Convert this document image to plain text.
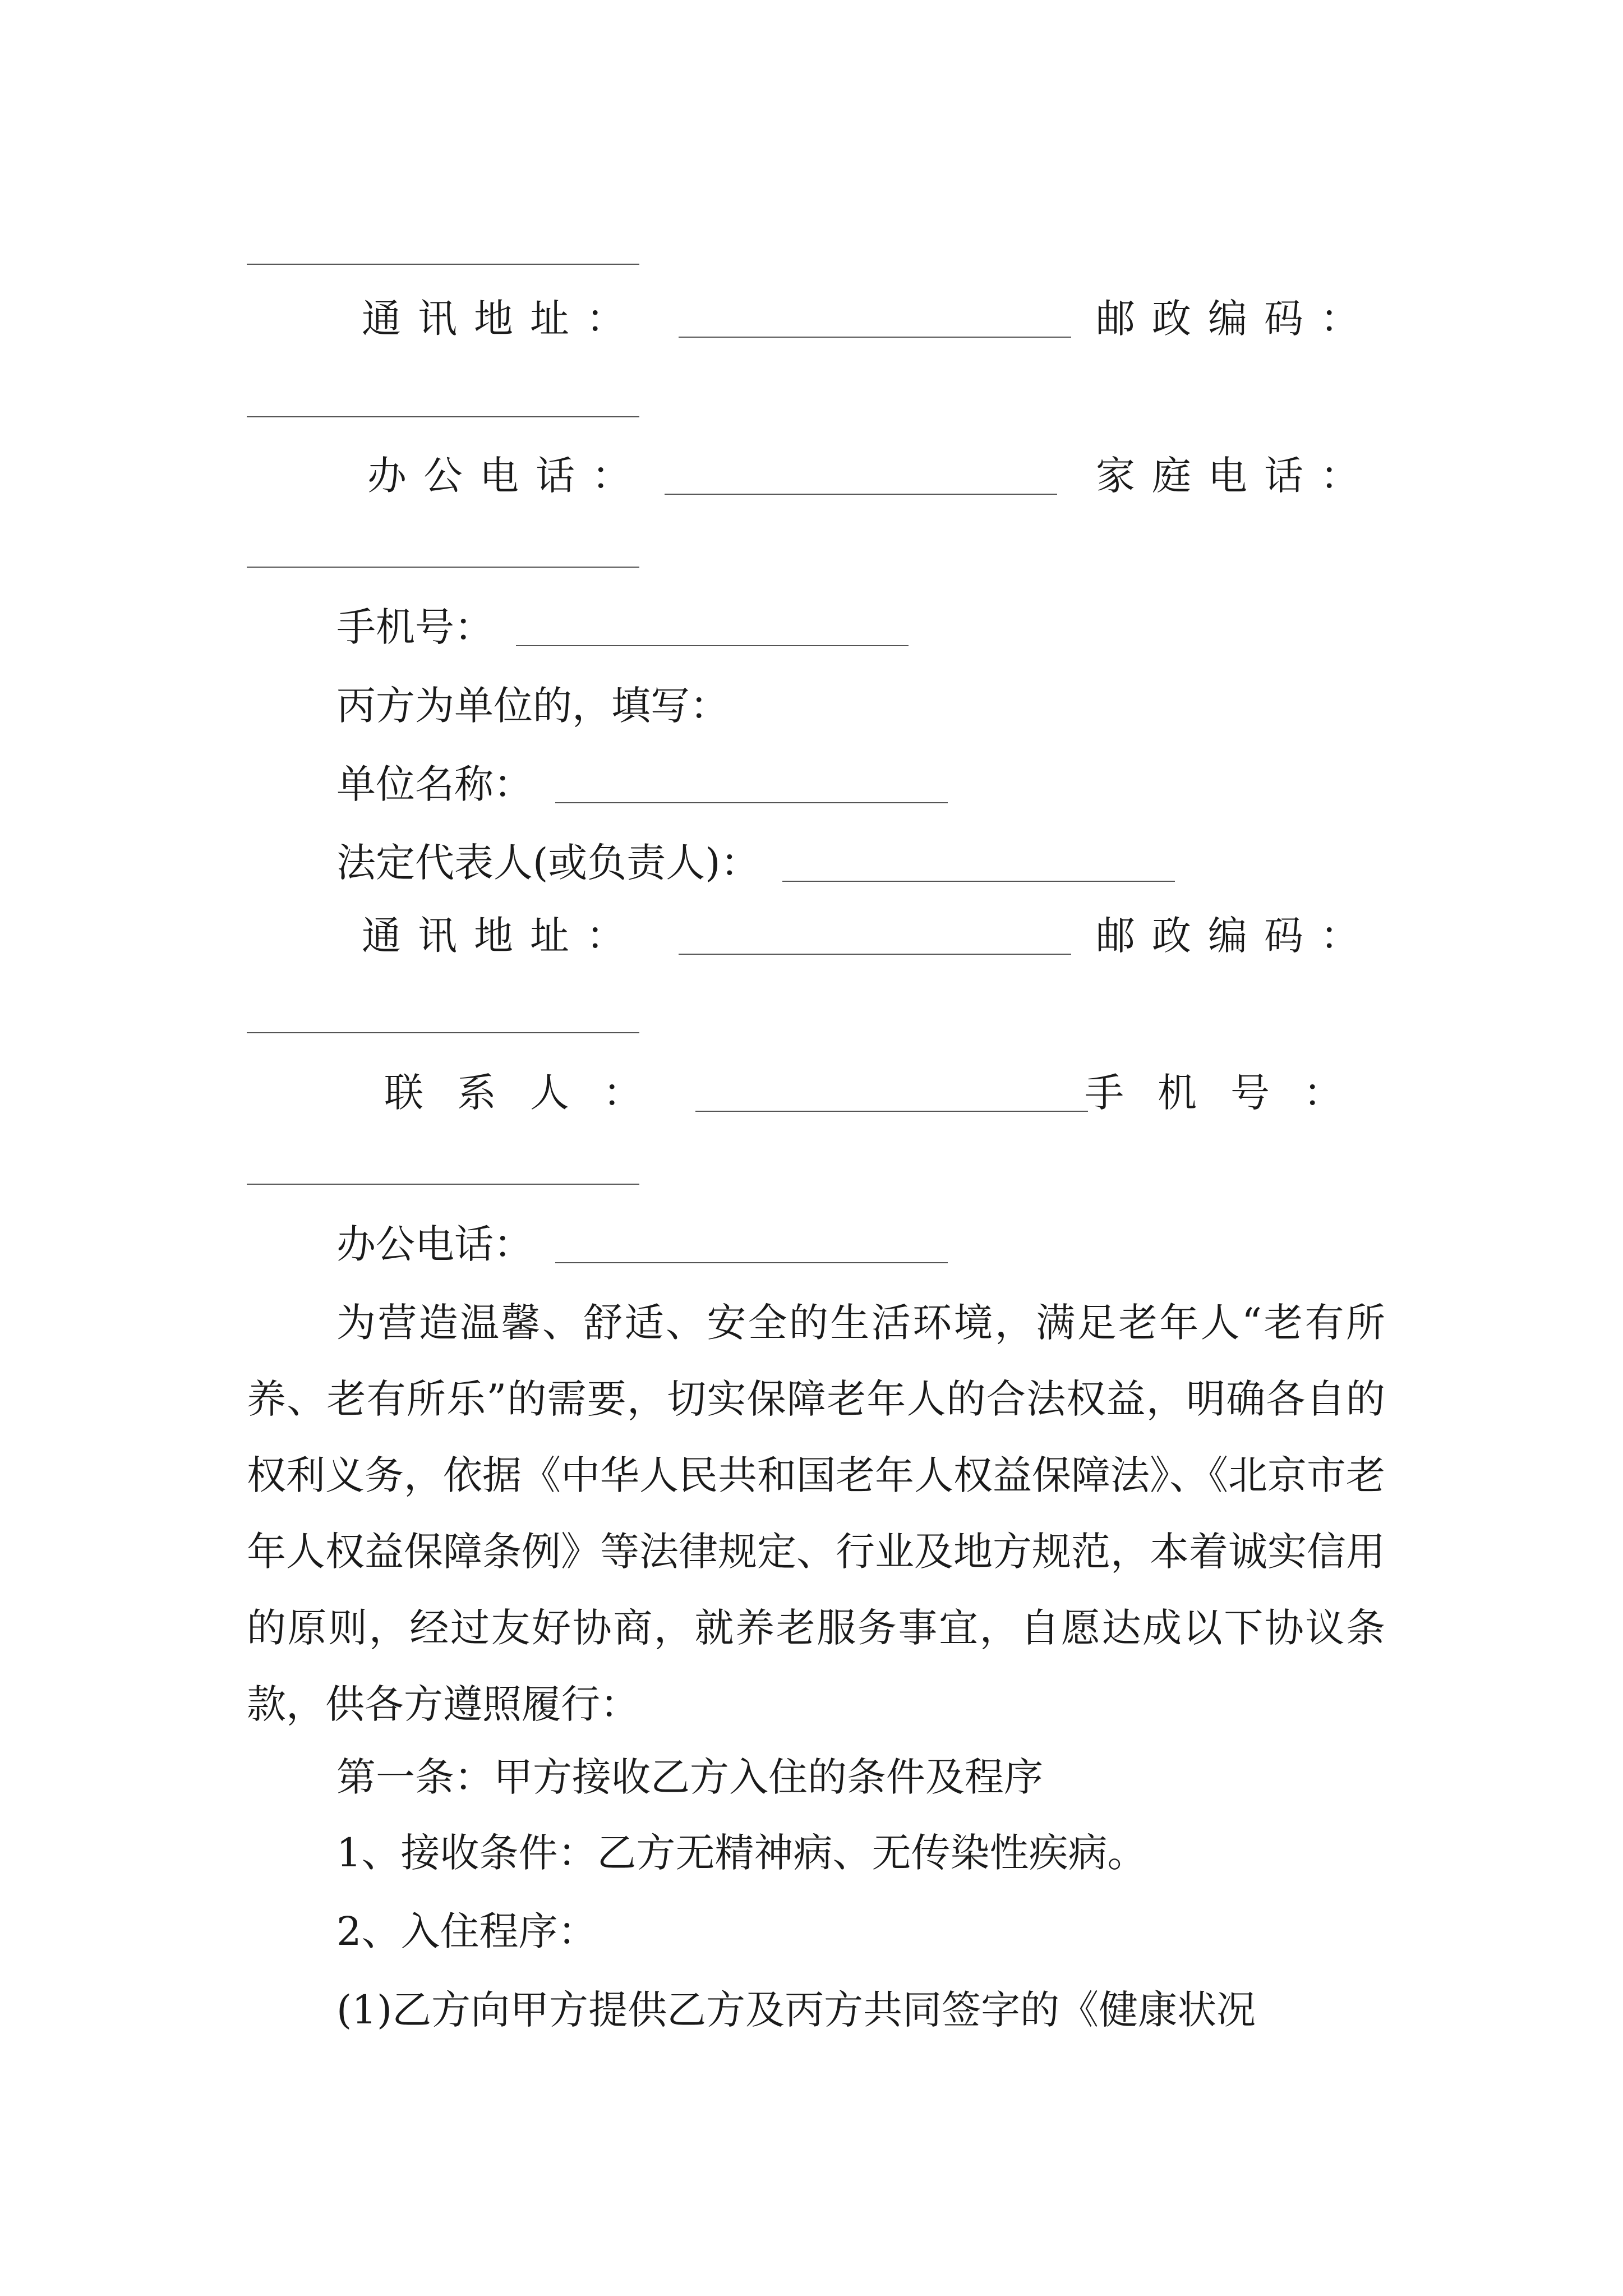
通讯地址：	邮政编码：
办公电话：	家庭电话：
手机号：
丙方为单位的，填写：
单位名称：
法定代表人(或负责人)：
通讯地址：	邮政编码：
联系人：	手机号：
办公电话：
为营造温馨、舒适、安全的生活环境，满足老年人“老有所养、老有所乐”的需要，切实保障老年人的合法权益，明确各自的权利义务，依据《中华人民共和国老年人权益保障法》、《北京市老年人权益保障条例》等法律规定、行业及地方规范，本着诚实信用的原则，经过友好协商，就养老服务事宜，自愿达成以下协议条款，供各方遵照履行：
第一条：甲方接收乙方入住的条件及程序
1、接收条件：乙方无精神病、无传染性疾病。
2、入住程序：
(1)乙方向甲方提供乙方及丙方共同签字的《健康状况
